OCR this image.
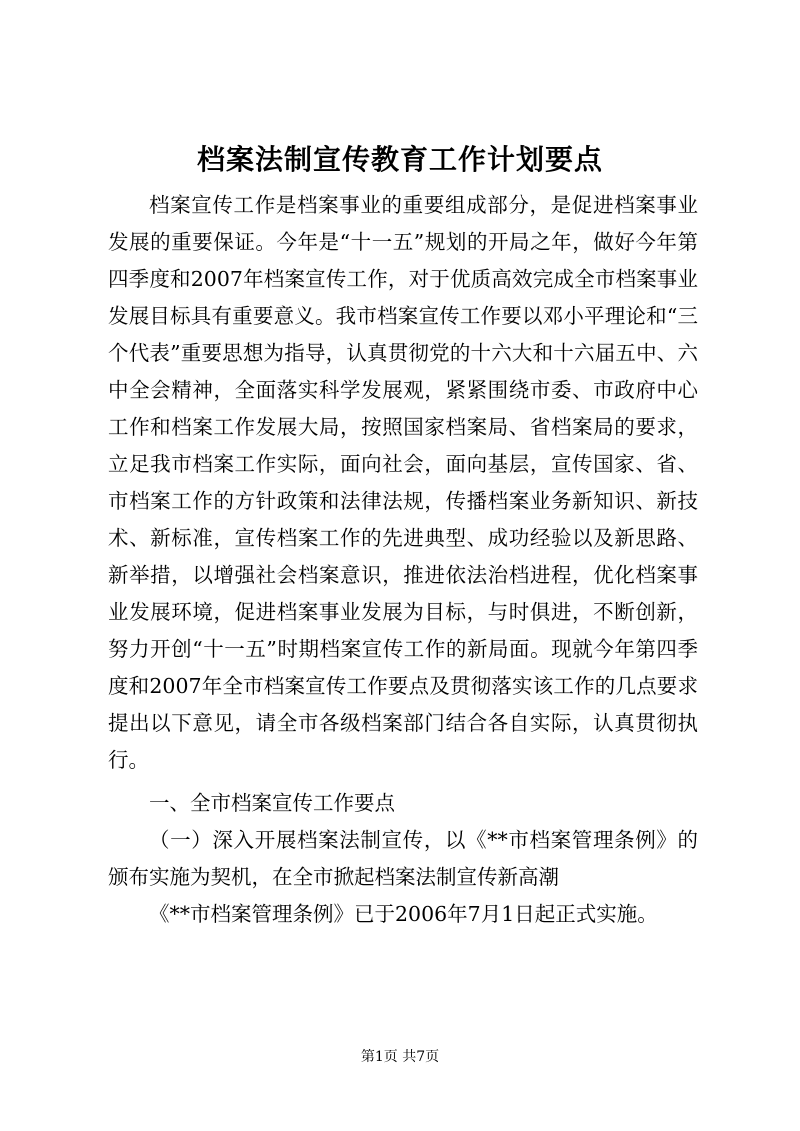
档案法制宣传教育工作计划要点

档案宣传工作是档案事业的重要组成部分，是促进档案事业发展的重要保证。今年是“十一五”规划的开局之年，做好今年第四季度和2007年档案宣传工作，对于优质高效完成全市档案事业发展目标具有重要意义。我市档案宣传工作要以邓小平理论和“三个代表”重要思想为指导，认真贯彻党的十六大和十六届五中、六中全会精神，全面落实科学发展观，紧紧围绕市委、市政府中心工作和档案工作发展大局，按照国家档案局、省档案局的要求，立足我市档案工作实际，面向社会，面向基层，宣传国家、省、市档案工作的方针政策和法律法规，传播档案业务新知识、新技术、新标准，宣传档案工作的先进典型、成功经验以及新思路、新举措，以增强社会档案意识，推进依法治档进程，优化档案事业发展环境，促进档案事业发展为目标，与时俱进，不断创新，努力开创“十一五”时期档案宣传工作的新局面。现就今年第四季度和2007年全市档案宣传工作要点及贯彻落实该工作的几点要求提出以下意见，请全市各级档案部门结合各自实际，认真贯彻执行。

一、全市档案宣传工作要点

（一）深入开展档案法制宣传，以《**市档案管理条例》的颁布实施为契机，在全市掀起档案法制宣传新高潮

《**市档案管理条例》已于2006年7月1日起正式实施。

第1页 共7页
